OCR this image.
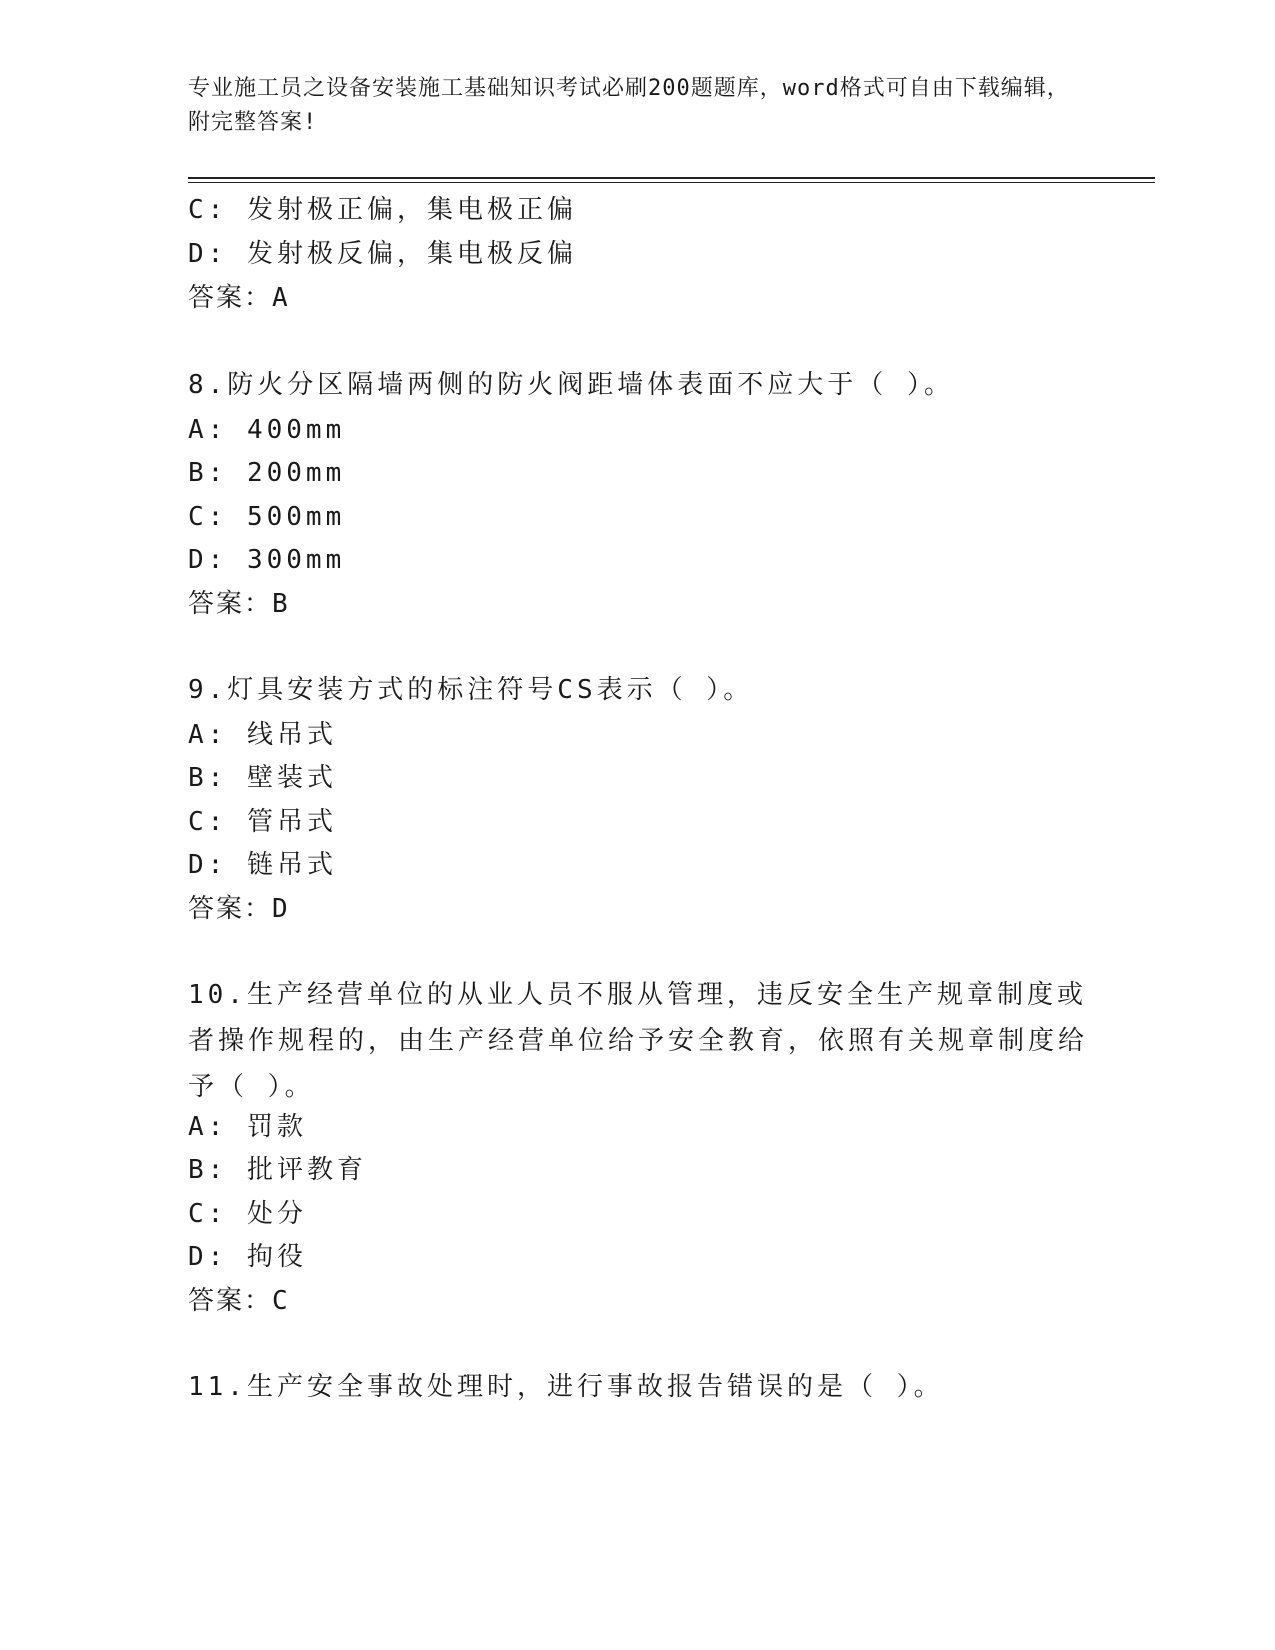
专业施工员之设备安装施工基础知识考试必刷200题题库，word格式可自由下载编辑，附完整答案!
C: 发射极正偏，集电极正偏
D: 发射极反偏，集电极反偏
答案：A
8.防火分区隔墙两侧的防火阀距墙体表面不应大于（ ）。
A: 400mm
B: 200mm
C: 500mm
D: 300mm
答案：B
9.灯具安装方式的标注符号CS表示（ ）。
A: 线吊式
B: 壁装式
C: 管吊式
D: 链吊式
答案：D
10.生产经营单位的从业人员不服从管理，违反安全生产规章制度或者操作规程的，由生产经营单位给予安全教育，依照有关规章制度给予（ ）。
A: 罚款
B: 批评教育
C: 处分
D: 拘役
答案：C
11.生产安全事故处理时，进行事故报告错误的是（ ）。
